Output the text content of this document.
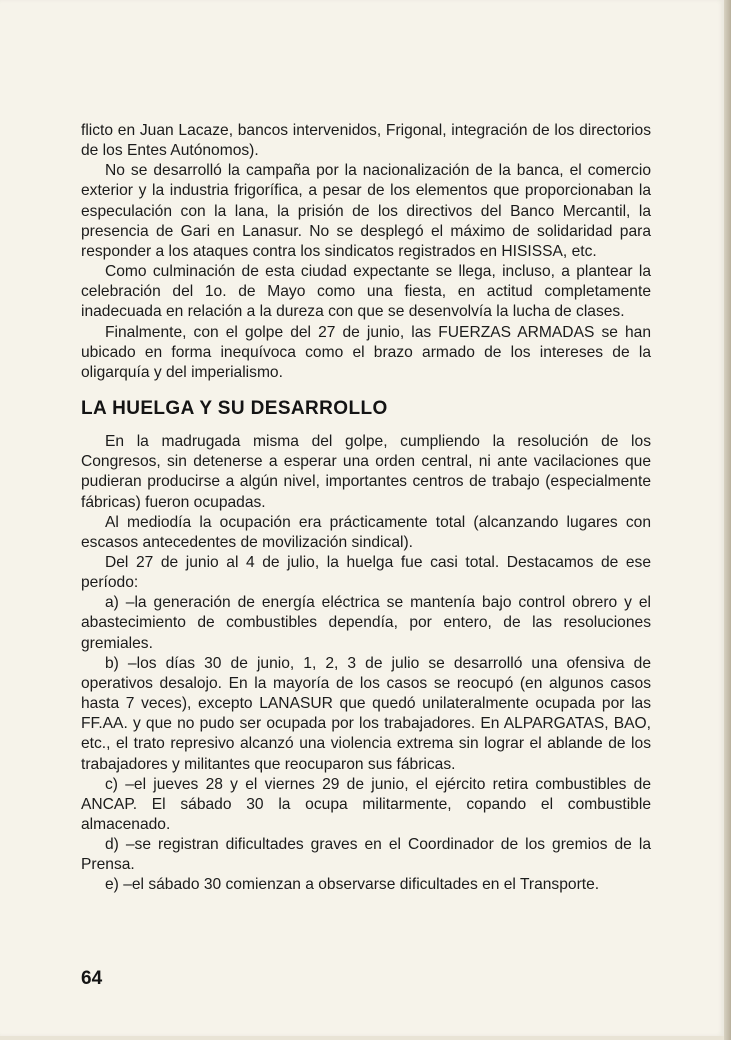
flicto en Juan Lacaze, bancos intervenidos, Frigonal, integración de los directorios de los Entes Autónomos).

No se desarrolló la campaña por la nacionalización de la banca, el comercio exterior y la industria frigorífica, a pesar de los elementos que proporcionaban la especulación con la lana, la prisión de los directivos del Banco Mercantil, la presencia de Gari en Lanasur. No se desplegó el máximo de solidaridad para responder a los ataques contra los sindicatos registrados en HISISSA, etc.

Como culminación de esta ciudad expectante se llega, incluso, a plantear la celebración del 1o. de Mayo como una fiesta, en actitud completamente inadecuada en relación a la dureza con que se desenvolvía la lucha de clases.

Finalmente, con el golpe del 27 de junio, las FUERZAS ARMADAS se han ubicado en forma inequívoca como el brazo armado de los intereses de la oligarquía y del imperialismo.

LA HUELGA Y SU DESARROLLO

En la madrugada misma del golpe, cumpliendo la resolución de los Congresos, sin detenerse a esperar una orden central, ni ante vacilaciones que pudieran producirse a algún nivel, importantes centros de trabajo (especialmente fábricas) fueron ocupadas.

Al mediodía la ocupación era prácticamente total (alcanzando lugares con escasos antecedentes de movilización sindical).

Del 27 de junio al 4 de julio, la huelga fue casi total. Destacamos de ese período:

a) –la generación de energía eléctrica se mantenía bajo control obrero y el abastecimiento de combustibles dependía, por entero, de las resoluciones gremiales.

b) –los días 30 de junio, 1, 2, 3 de julio se desarrolló una ofensiva de operativos desalojo. En la mayoría de los casos se reocupó (en algunos casos hasta 7 veces), excepto LANASUR que quedó unilateralmente ocupada por las FF.AA. y que no pudo ser ocupada por los trabajadores. En ALPARGATAS, BAO, etc., el trato represivo alcanzó una violencia extrema sin lograr el ablande de los trabajadores y militantes que reocuparon sus fábricas.

c) –el jueves 28 y el viernes 29 de junio, el ejército retira combustibles de ANCAP. El sábado 30 la ocupa militarmente, copando el combustible almacenado.

d) –se registran dificultades graves en el Coordinador de los gremios de la Prensa.

e) –el sábado 30 comienzan a observarse dificultades en el Transporte.

64
